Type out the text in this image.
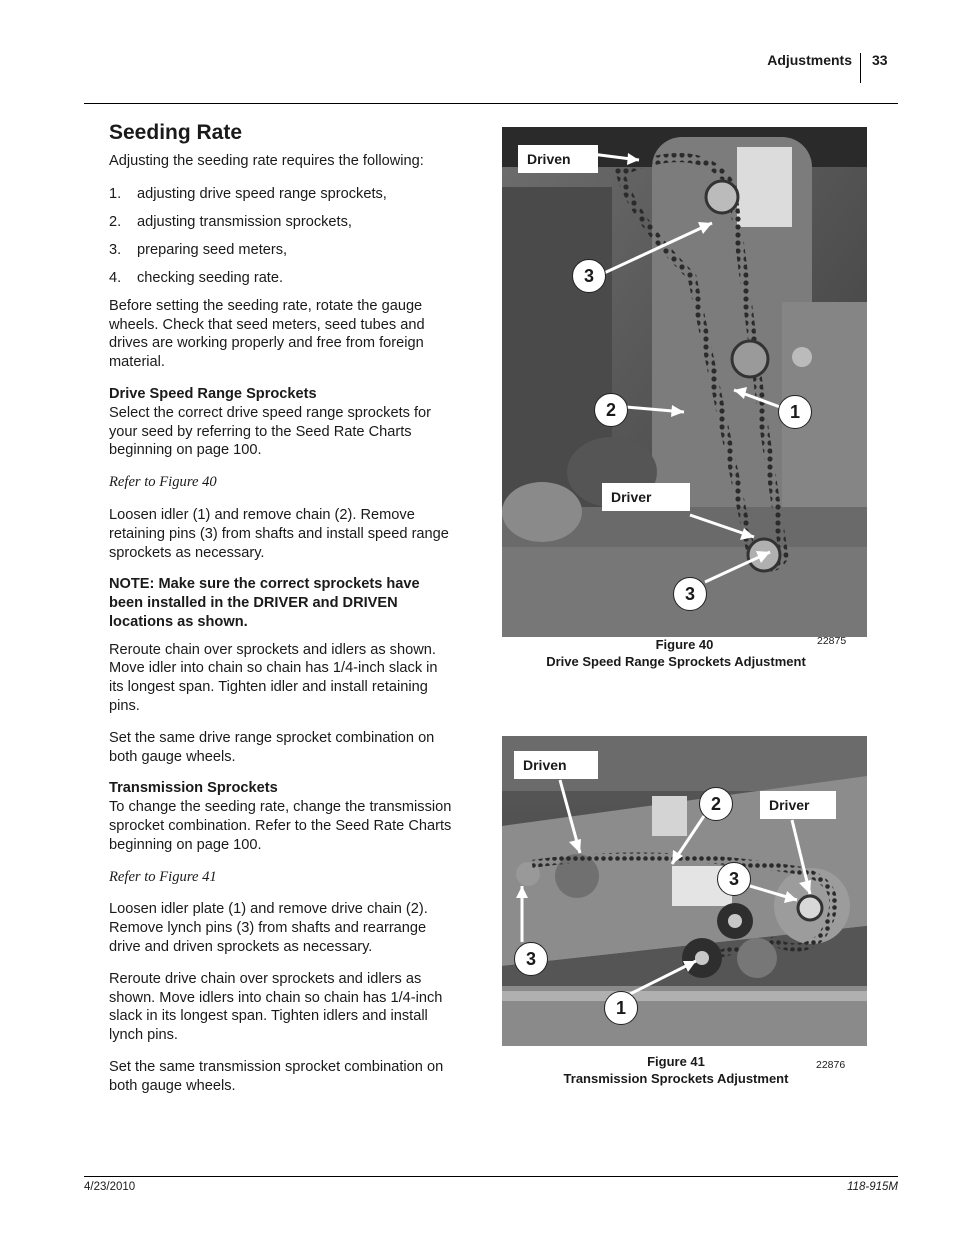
Adjustments 33
Seeding Rate

Adjusting the seeding rate requires the following:

1.	adjusting drive speed range sprockets,
2.	adjusting transmission sprockets,
3.	preparing seed meters,
4.	checking seeding rate.

Before setting the seeding rate, rotate the gauge wheels. Check that seed meters, seed tubes and drives are working properly and free from foreign material.

Drive Speed Range Sprockets

Select the correct drive speed range sprockets for your seed by referring to the Seed Rate Charts beginning on page 100.

Refer to Figure 40

Loosen idler (1) and remove chain (2). Remove retaining pins (3) from shafts and install speed range sprockets as necessary.

NOTE: Make sure the correct sprockets have been installed in the DRIVER and DRIVEN locations as shown.

Reroute chain over sprockets and idlers as shown. Move idler into chain so chain has 1/4-inch slack in its longest span. Tighten idler and install retaining pins.

Set the same drive range sprocket combination on both gauge wheels.

Transmission Sprockets

To change the seeding rate, change the transmission sprocket combination. Refer to the Seed Rate Charts beginning on page 100.

Refer to Figure 41

Loosen idler plate (1) and remove drive chain (2). Remove lynch pins (3) from shafts and rearrange drive and driven sprockets as necessary.

Reroute drive chain over sprockets and idlers as shown. Move idlers into chain so chain has 1/4-inch slack in its longest span. Tighten idlers and install lynch pins.

Set the same transmission sprocket combination on both gauge wheels.

Driven
Driver
3
2	1
3
22875
Figure 40
Drive Speed Range Sprockets Adjustment
Driven
Driver
2
3
3
1
22876
Figure 41
Transmission Sprockets Adjustment
4/23/2010	118-915M
